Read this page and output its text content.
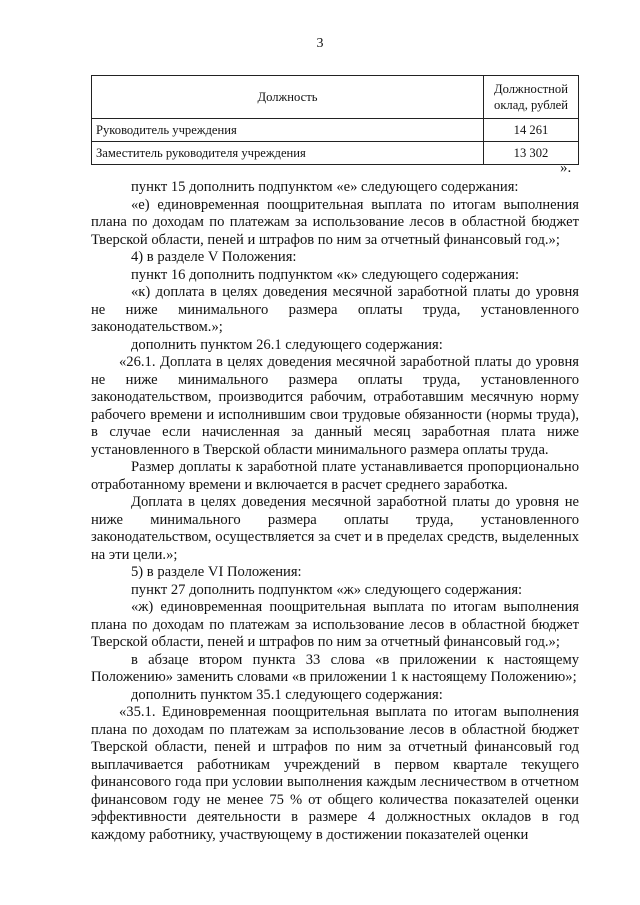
3
Должность	Должностной
оклад, рублей
Руководитель учреждения	14 261
Заместитель руководителя учреждения	13 302
».

пункт 15 дополнить подпунктом «е» следующего содержания:

«е) единовременная поощрительная выплата по итогам выполнения плана по доходам по платежам за использование лесов в областной бюджет Тверской области, пеней и штрафов по ним за отчетный финансовый год.»;

4) в разделе V Положения:

пункт 16 дополнить подпунктом «к» следующего содержания:

«к) доплата в целях доведения месячной заработной платы до уровня не ниже минимального размера оплаты труда, установленного законодательством.»;

дополнить пунктом 26.1 следующего содержания:

«26.1. Доплата в целях доведения месячной заработной платы до уровня не ниже минимального размера оплаты труда, установленного законодательством, производится рабочим, отработавшим месячную норму рабочего времени и исполнившим свои трудовые обязанности (нормы труда), в случае если начисленная за данный месяц заработная плата ниже установленного в Тверской области минимального размера оплаты труда.

Размер доплаты к заработной плате устанавливается пропорционально отработанному времени и включается в расчет среднего заработка.

Доплата в целях доведения месячной заработной платы до уровня не ниже минимального размера оплаты труда, установленного законодательством, осуществляется за счет и в пределах средств, выделенных на эти цели.»;

5) в разделе VI Положения:

пункт 27 дополнить подпунктом «ж» следующего содержания:

«ж) единовременная поощрительная выплата по итогам выполнения плана по доходам по платежам за использование лесов в областной бюджет Тверской области, пеней и штрафов по ним за отчетный финансовый год.»;

в абзаце втором пункта 33 слова «в приложении к настоящему Положению» заменить словами «в приложении 1 к настоящему Положению»;

дополнить пунктом 35.1 следующего содержания:

«35.1. Единовременная поощрительная выплата по итогам выполнения плана по доходам по платежам за использование лесов в областной бюджет Тверской области, пеней и штрафов по ним за отчетный финансовый год выплачивается работникам учреждений в первом квартале текущего финансового года при условии выполнения каждым лесничеством в отчетном финансовом году не менее 75 % от общего количества показателей оценки эффективности деятельности в размере 4 должностных окладов в год каждому работнику, участвующему в достижении показателей оценки
